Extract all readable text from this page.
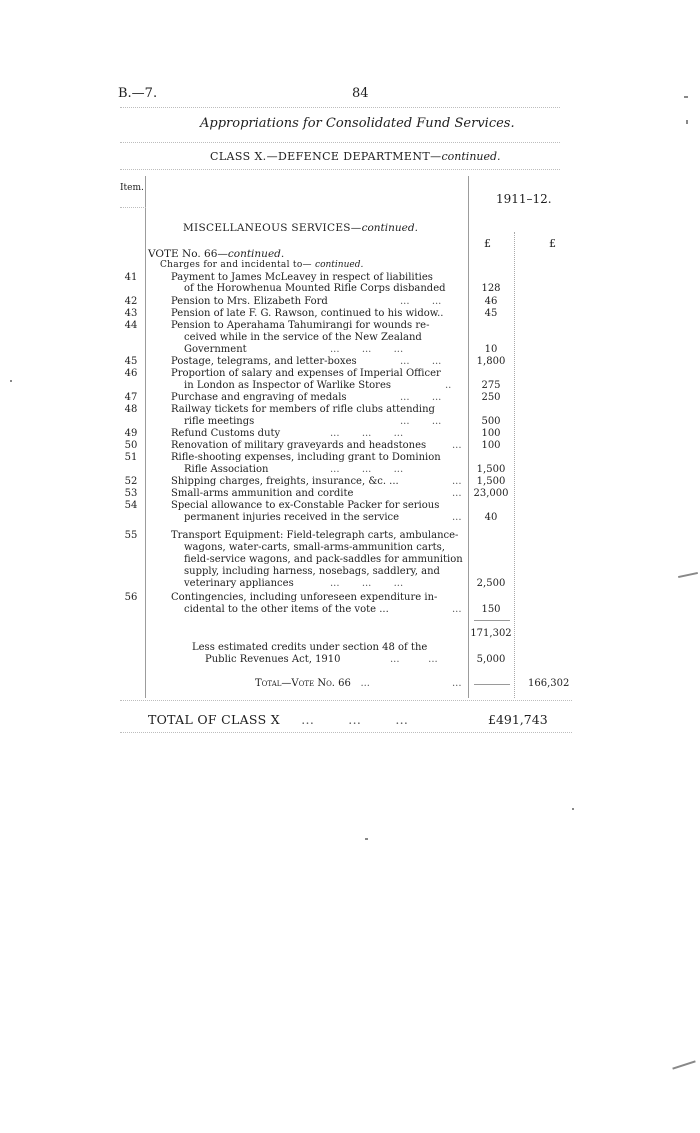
B.—7.	84
Appropriations for Consolidated Fund Services.
CLASS X.—DEFENCE DEPARTMENT—continued.
Item.
1911–12.
MISCELLANEOUS SERVICES—continued.
£	£
VOTE No. 66—continued.
Charges for and incidental to— continued.
41	Payment to James McLeavey in respect of liabilities
of the Horowhenua Mounted Rifle Corps disbanded	128
42	Pension to Mrs. Elizabeth Ford	... ...	46
43	Pension of late F. G. Rawson, continued to his widow..	45
44	Pension to Aperahama Tahumirangi for wounds re-
ceived while in the service of the New Zealand
Government	... ... ...	10
45	Postage, telegrams, and letter-boxes	... ...	1,800
46	Proportion of salary and expenses of Imperial Officer
in London as Inspector of Warlike Stores	..	275
47	Purchase and engraving of medals	... ...	250
48	Railway tickets for members of rifle clubs attending
rifle meetings	... ...	500
49	Refund Customs duty	... ... ...	100
50	Renovation of military graveyards and headstones	...	100
51	Rifle-shooting expenses, including grant to Dominion
Rifle Association	... ... ...	1,500
52	Shipping charges, freights, insurance, &c. ...	...	1,500
53	Small-arms ammunition and cordite	...	23,000
54	Special allowance to ex-Constable Packer for serious
permanent injuries received in the service	...	40
55	Transport Equipment: Field-telegraph carts, ambulance-
wagons, water-carts, small-arms-ammunition carts,
field-service wagons, and pack-saddles for ammunition
supply, including harness, nosebags, saddlery, and
veterinary appliances	... ... ...	2,500
56	Contingencies, including unforeseen expenditure in-
cidental to the other items of the vote ...	...	150
171,302
Less estimated credits under section 48 of the
Public Revenues Act, 1910	...	...	5,000
Total—Vote No. 66 ...	...	166,302
TOTAL OF CLASS X ...	...	...	£491,743
